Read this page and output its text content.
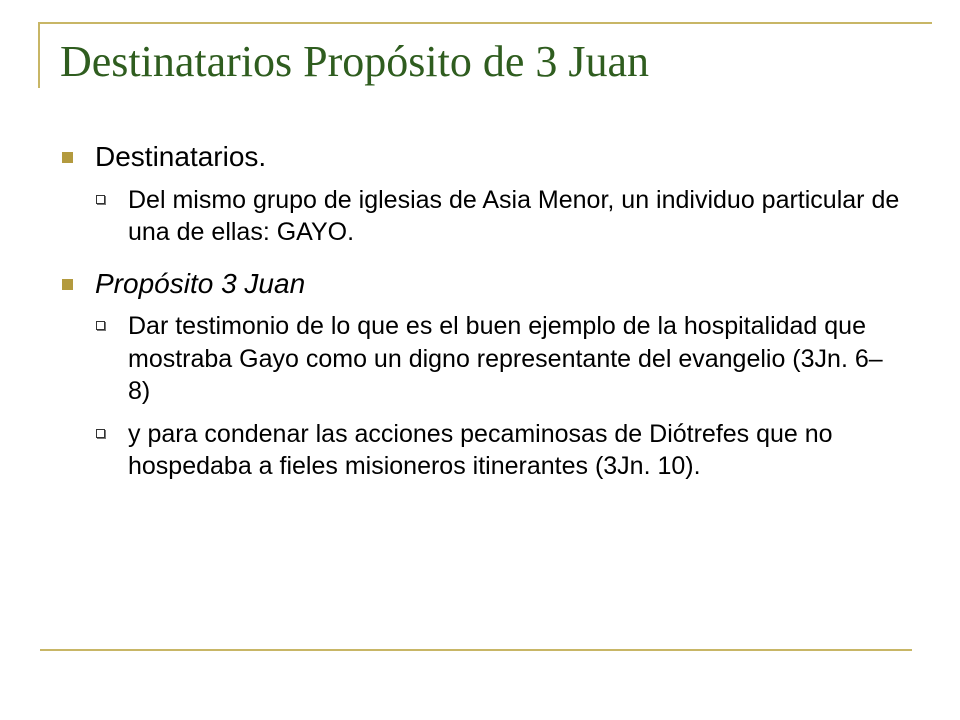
Destinatarios Propósito de 3 Juan
Destinatarios.
Del mismo grupo de iglesias de Asia Menor, un individuo particular de una de ellas: GAYO.
Propósito 3 Juan
Dar testimonio de lo que es el buen ejemplo de la hospitalidad que mostraba Gayo como un digno representante del evangelio (3Jn. 6–8)
y para condenar las acciones pecaminosas de Diótrefes que no hospedaba a fieles misioneros itinerantes (3Jn. 10).
